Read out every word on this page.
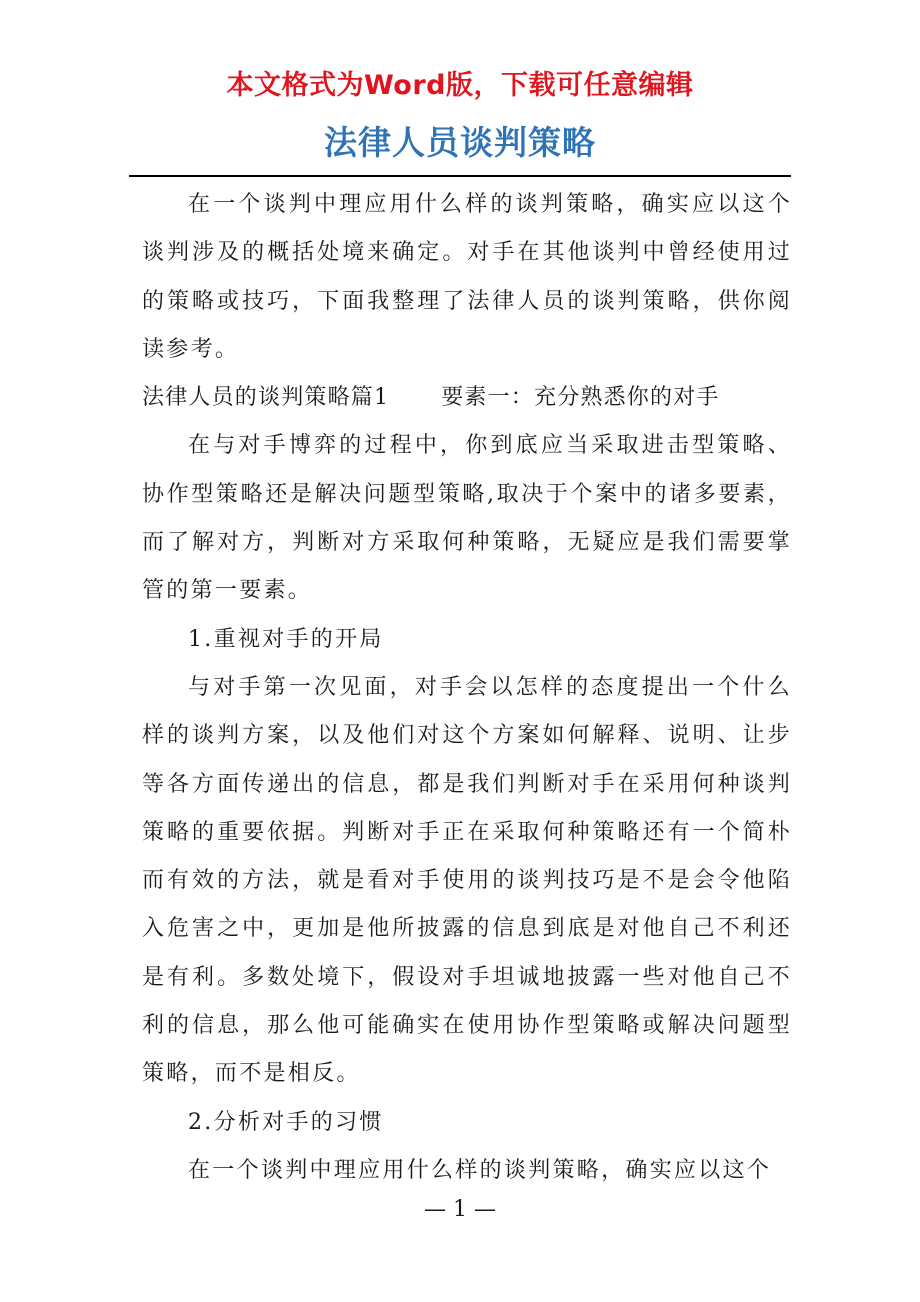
本文格式为Word版，下载可任意编辑
法律人员谈判策略

在一个谈判中理应用什么样的谈判策略，确实应以这个谈判涉及的概括处境来确定。对手在其他谈判中曾经使用过的策略或技巧，下面我整理了法律人员的谈判策略，供你阅读参考。

法律人员的谈判策略篇1 要素一：充分熟悉你的对手

在与对手博弈的过程中，你到底应当采取进击型策略、协作型策略还是解决问题型策略,取决于个案中的诸多要素，而了解对方，判断对方采取何种策略，无疑应是我们需要掌管的第一要素。

1.重视对手的开局

与对手第一次见面，对手会以怎样的态度提出一个什么样的谈判方案，以及他们对这个方案如何解释、说明、让步等各方面传递出的信息，都是我们判断对手在采用何种谈判策略的重要依据。判断对手正在采取何种策略还有一个简朴而有效的方法，就是看对手使用的谈判技巧是不是会令他陷入危害之中，更加是他所披露的信息到底是对他自己不利还是有利。多数处境下，假设对手坦诚地披露一些对他自己不利的信息，那么他可能确实在使用协作型策略或解决问题型策略，而不是相反。

2.分析对手的习惯

在一个谈判中理应用什么样的谈判策略，确实应以这个

— 1 —
